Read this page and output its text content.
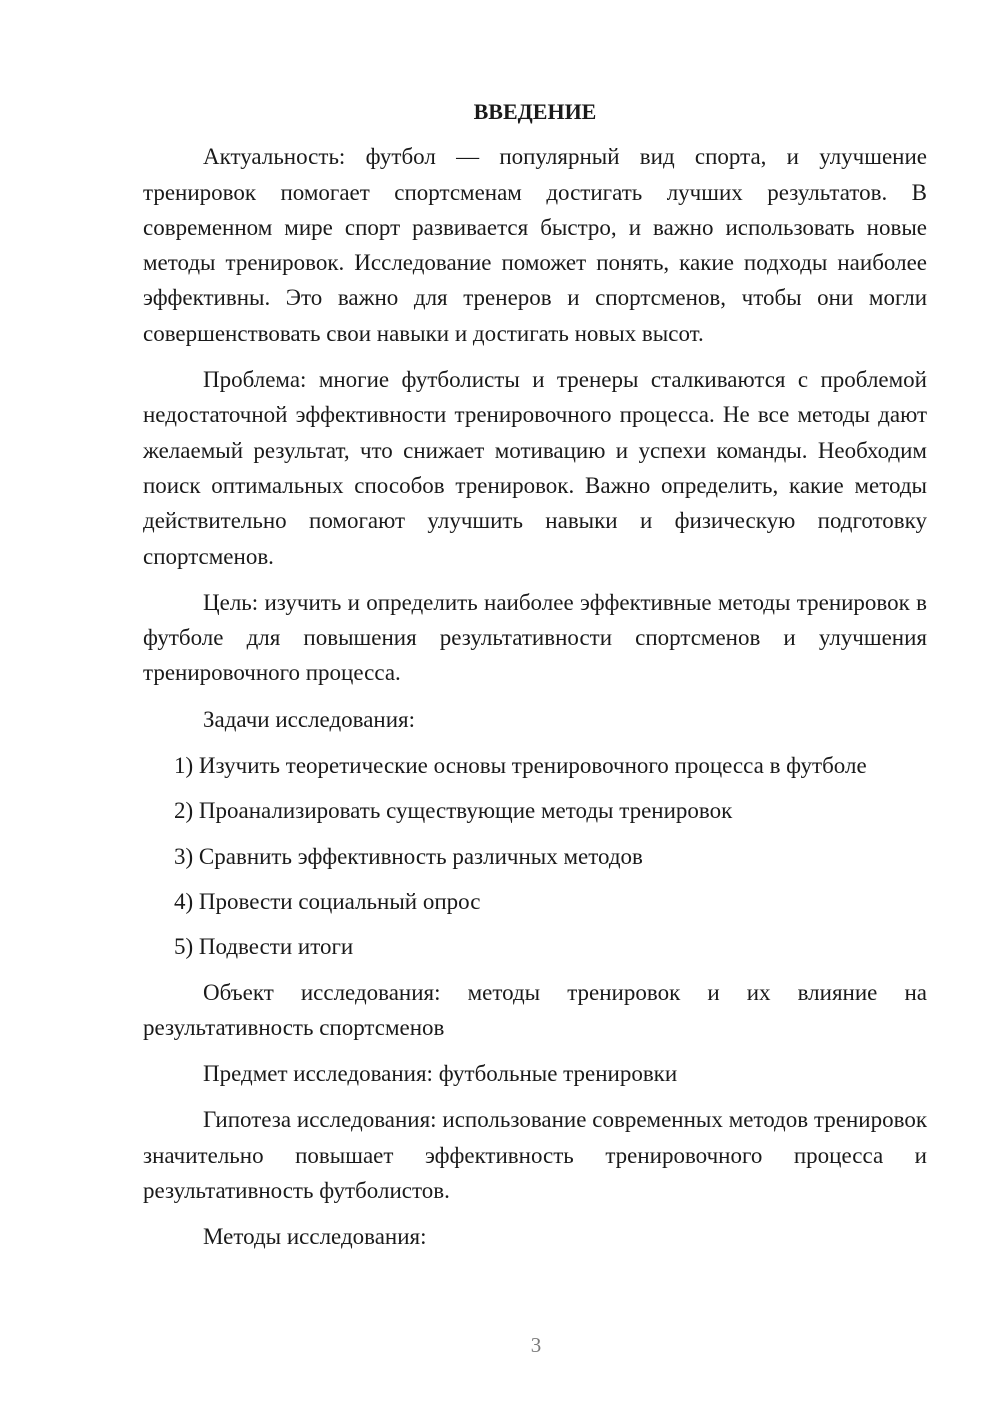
ВВЕДЕНИЕ

Актуальность: футбол — популярный вид спорта, и улучшение тренировок помогает спортсменам достигать лучших результатов. В современном мире спорт развивается быстро, и важно использовать новые методы тренировок. Исследование поможет понять, какие подходы наиболее эффективны. Это важно для тренеров и спортсменов, чтобы они могли совершенствовать свои навыки и достигать новых высот.

Проблема: многие футболисты и тренеры сталкиваются с проблемой недостаточной эффективности тренировочного процесса. Не все методы дают желаемый результат, что снижает мотивацию и успехи команды. Необходим поиск оптимальных способов тренировок. Важно определить, какие методы действительно помогают улучшить навыки и физическую подготовку спортсменов.

Цель: изучить и определить наиболее эффективные методы тренировок в футболе для повышения результативности спортсменов и улучшения тренировочного процесса.

Задачи исследования:

1) Изучить теоретические основы тренировочного процесса в футболе
2) Проанализировать существующие методы тренировок
3) Сравнить эффективность различных методов
4) Провести социальный опрос
5) Подвести итоги

Объект исследования: методы тренировок и их влияние на результативность спортсменов

Предмет исследования: футбольные тренировки

Гипотеза исследования: использование современных методов тренировок значительно повышает эффективность тренировочного процесса и результативность футболистов.

Методы исследования:

3
